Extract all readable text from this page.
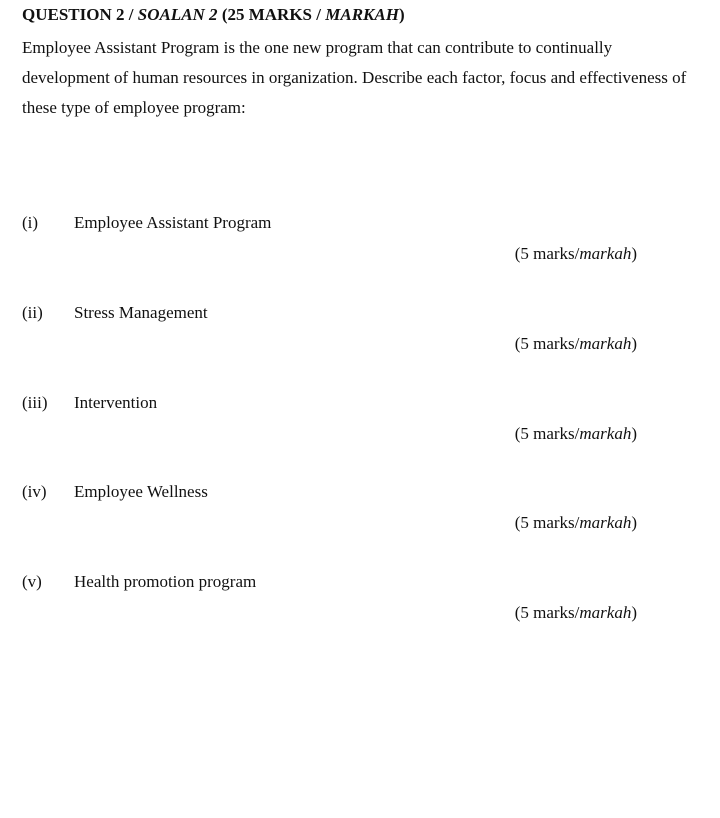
QUESTION 2 / SOALAN 2 (25 MARKS / MARKAH)
Employee Assistant Program is the one new program that can contribute to continually development of human resources in organization. Describe each factor, focus and effectiveness of these type of employee program:
(i) Employee Assistant Program
(5 marks/markah)
(ii) Stress Management
(5 marks/markah)
(iii) Intervention
(5 marks/markah)
(iv) Employee Wellness
(5 marks/markah)
(v) Health promotion program
(5 marks/markah)
